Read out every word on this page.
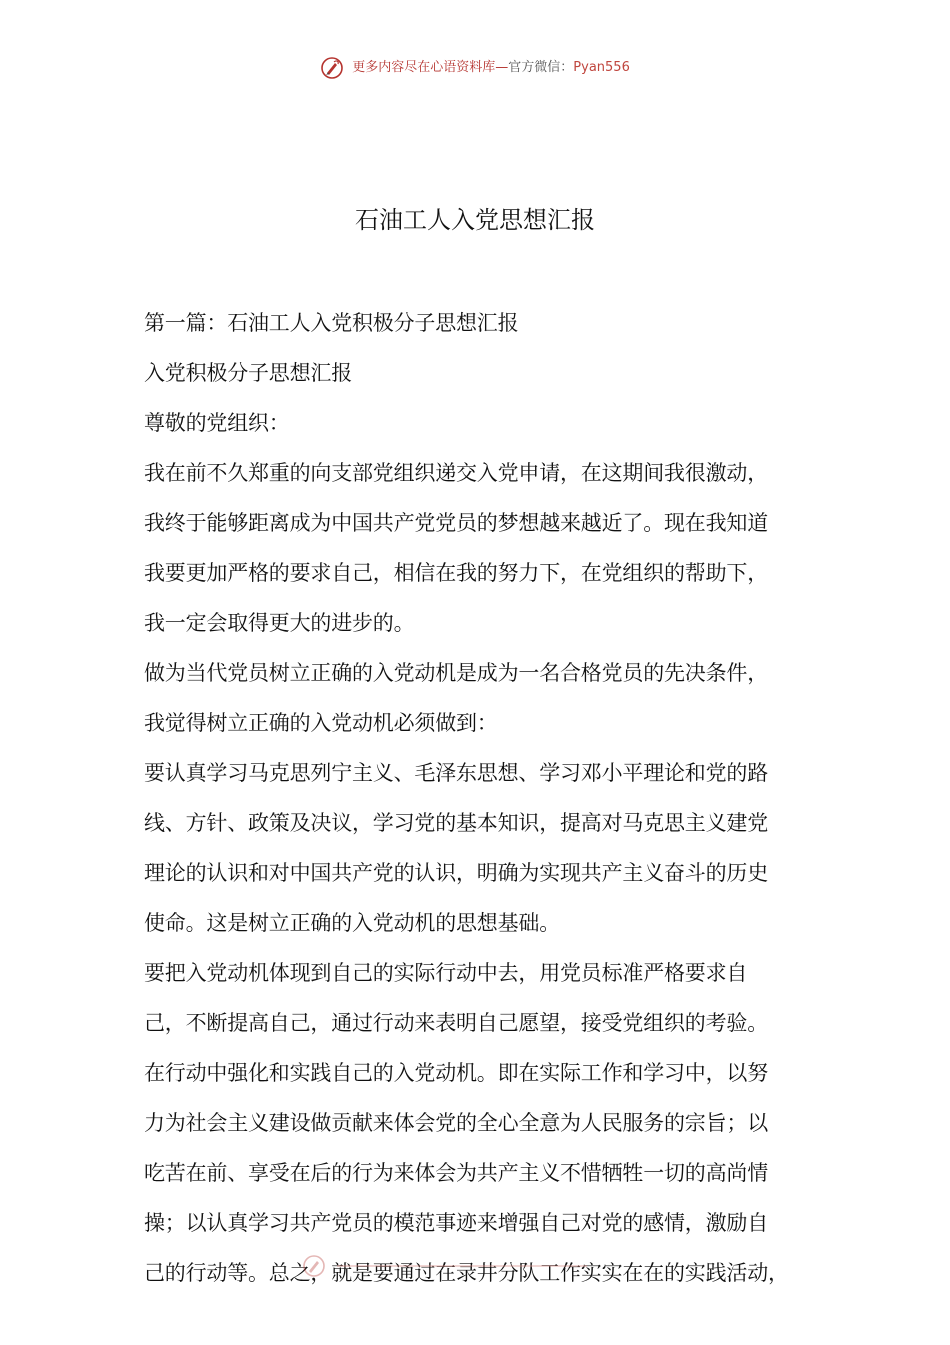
更多内容尽在心语资料库—官方微信：Pyan556
石油工人入党思想汇报

第一篇：石油工人入党积极分子思想汇报

入党积极分子思想汇报

尊敬的党组织：

我在前不久郑重的向支部党组织递交入党申请，在这期间我很激动，

我终于能够距离成为中国共产党党员的梦想越来越近了。现在我知道

我要更加严格的要求自己，相信在我的努力下，在党组织的帮助下，

我一定会取得更大的进步的。

做为当代党员树立正确的入党动机是成为一名合格党员的先决条件，

我觉得树立正确的入党动机必须做到：

要认真学习马克思列宁主义、毛泽东思想、学习邓小平理论和党的路

线、方针、政策及决议，学习党的基本知识，提高对马克思主义建党

理论的认识和对中国共产党的认识，明确为实现共产主义奋斗的历史

使命。这是树立正确的入党动机的思想基础。

要把入党动机体现到自己的实际行动中去，用党员标准严格要求自

己，不断提高自己，通过行动来表明自己愿望，接受党组织的考验。

在行动中强化和实践自己的入党动机。即在实际工作和学习中，以努

力为社会主义建设做贡献来体会党的全心全意为人民服务的宗旨；以

吃苦在前、享受在后的行为来体会为共产主义不惜牺牲一切的高尚情

操；以认真学习共产党员的模范事迹来增强自己对党的感情，激励自

己的行动等。总之，就是要通过在录井分队工作实实在在的实践活动，
